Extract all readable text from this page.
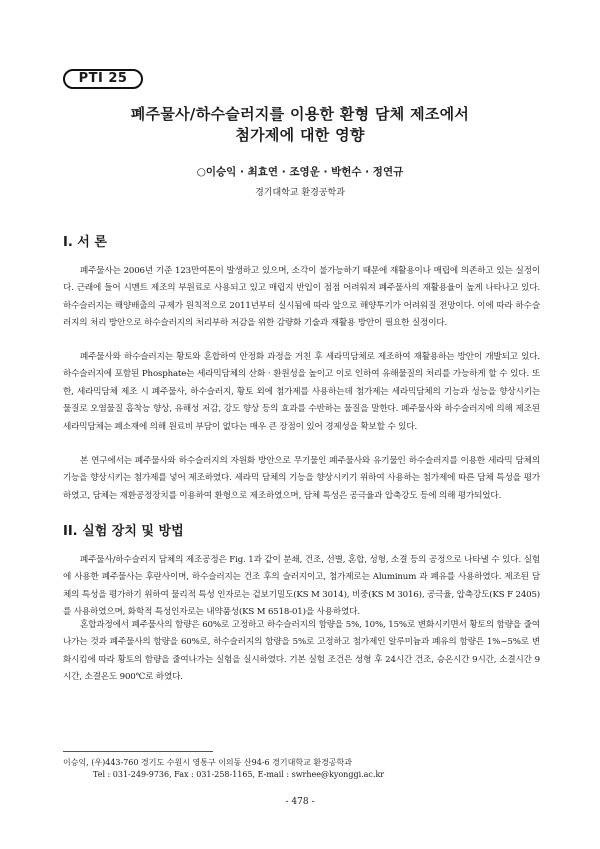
PTI 25
폐주물사/하수슬러지를 이용한 환형 담체 제조에서
첨가제에 대한 영향
○이승익 · 최효연 · 조영운 · 박헌수 · 정연규
경기대학교 환경공학과
I. 서 론

폐주물사는 2006년 기준 123만여톤이 발생하고 있으며, 소각이 불가능하기 때문에 재활용이나 매립에 의존하고 있는 실정이다. 근래에 들어 시멘트 제조의 부원료로 사용되고 있고 매립지 반입이 점점 어려워져 폐주물사의 재활용율이 높게 나타나고 있다. 하수슬러지는 해양배출의 규제가 원칙적으로 2011년부터 실시됨에 따라 앞으로 해양투기가 어려워질 전망이다. 이에 따라 하수슬러지의 처리 방안으로 하수슬러지의 처리부하 저감을 위한 감량화 기술과 재활용 방안이 필요한 실정이다.

폐주물사와 하수슬러지는 황토와 혼합하여 안정화 과정을 거친 후 세라믹담체로 제조하여 재활용하는 방안이 개발되고 있다. 하수슬러지에 포함된 Phosphate는 세라믹담체의 산화 · 환원성을 높이고 이로 인하여 유해물질의 처리를 가능하게 할 수 있다. 또한, 세라믹담체 제조 시 폐주물사, 하수슬러지, 황토 외에 첨가제를 사용하는데 첨가제는 세라믹담체의 기능과 성능을 향상시키는 물질로 오염물질 흡착능 향상, 유해성 저감, 강도 향상 등의 효과를 수반하는 물질을 말한다. 폐주물사와 하수슬러지에 의해 제조된 세라믹담체는 폐소재에 의해 원료비 부담이 없다는 매우 큰 장점이 있어 경제성을 확보할 수 있다.

본 연구에서는 폐주물사와 하수슬러지의 자원화 방안으로 무기물인 폐주물사와 유기물인 하수슬러지를 이용한 세라믹 담체의 기능을 향상시키는 첨가제를 넣어 제조하였다. 세라믹 담체의 기능을 향상시키기 위하여 사용하는 첨가제에 따른 담체 특성을 평가하였고, 담체는 재환공정장치를 이용하여 환형으로 제조하였으며, 담체 특성은 공극율과 압축강도 등에 의해 평가되었다.

II. 실험 장치 및 방법

폐주물사/하수슬러지 담체의 제조공정은 Fig. 1과 같이 분쇄, 건조, 선별, 혼합, 성형, 소결 등의 공정으로 나타낼 수 있다. 실험에 사용한 폐주물사는 후란사이며, 하수슬러지는 건조 후의 슬러지이고, 첨가제로는 Aluminum 과 폐유를 사용하였다. 제조된 담체의 특성을 평가하기 위하여 물리적 특성 인자로는 겉보기밀도(KS M 3014), 비중(KS M 3016), 공극율, 압축강도(KS F 2405)를 사용하였으며, 화학적 특성인자로는 내약품성(KS M 6518-01)을 사용하였다.

혼합과정에서 폐주물사의 함량은 60%로 고정하고 하수슬러지의 함량을 5%, 10%, 15%로 변화시키면서 황토의 함량을 줄여나가는 것과 폐주물사의 함량을 60%로, 하수슬러지의 함량을 5%로 고정하고 첨가제인 알루미늄과 폐유의 함량은 1%~5%로 변화시킴에 따라 황토의 함량을 줄여나가는 실험을 실시하였다. 기본 실험 조건은 성형 후 24시간 건조, 승온시간 9시간, 소결시간 9시간, 소결온도 900℃로 하였다.

이승익, (우)443-760 경기도 수원시 영통구 이의동 산94-6 경기대학교 환경공학과
Tel : 031-249-9736, Fax : 031-258-1165, E-mail : swrhee@kyonggi.ac.kr
- 478 -
